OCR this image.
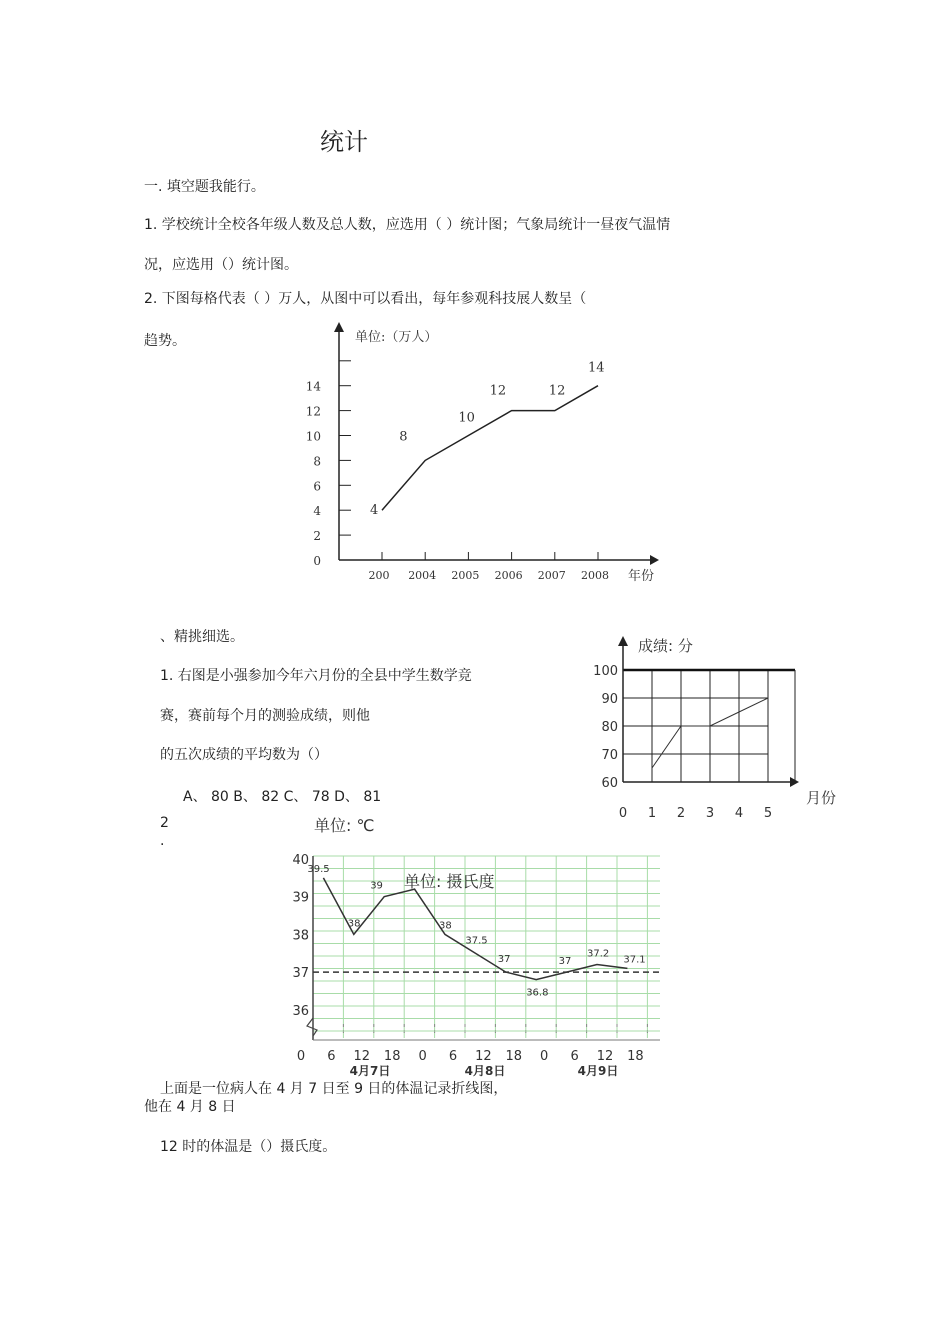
统计
一. 填空题我能行。
1. 学校统计全校各年级人数及总人数，应选用（ ）统计图；气象局统计一昼夜气温情
况，应选用（）统计图。
2. 下图每格代表（ ）万人，从图中可以看出，每年参观科技展人数呈（
趋势。
0
2
4
6
8
10
12
14
200 2004 2005 2006 2007 2008
4
8
10
12	12
14
单位:（万人）
年份
、精挑细选。
1. 右图是小强参加今年六月份的全县中学生数学竞
赛，赛前每个月的测验成绩，则他
的五次成绩的平均数为（）
A、 80 B、 82 C、 78 D、 81
2
.
60
70
80
90
100
0 1 2 3 4 5
成绩: 分
月份
36
37
38
39
40
0 6 12 18 0 6 12 18 0 6 12 18
4月7日	4月8日	4月9日
39.5
38
39
38
37.5
37
36.8
37
37.2
37.1
单位: ℃
单位: 摄氏度
上面是一位病人在 4 月 7 日至 9 日的体温记录折线图，
他在 4 月 8 日
12 时的体温是（）摄氏度。
